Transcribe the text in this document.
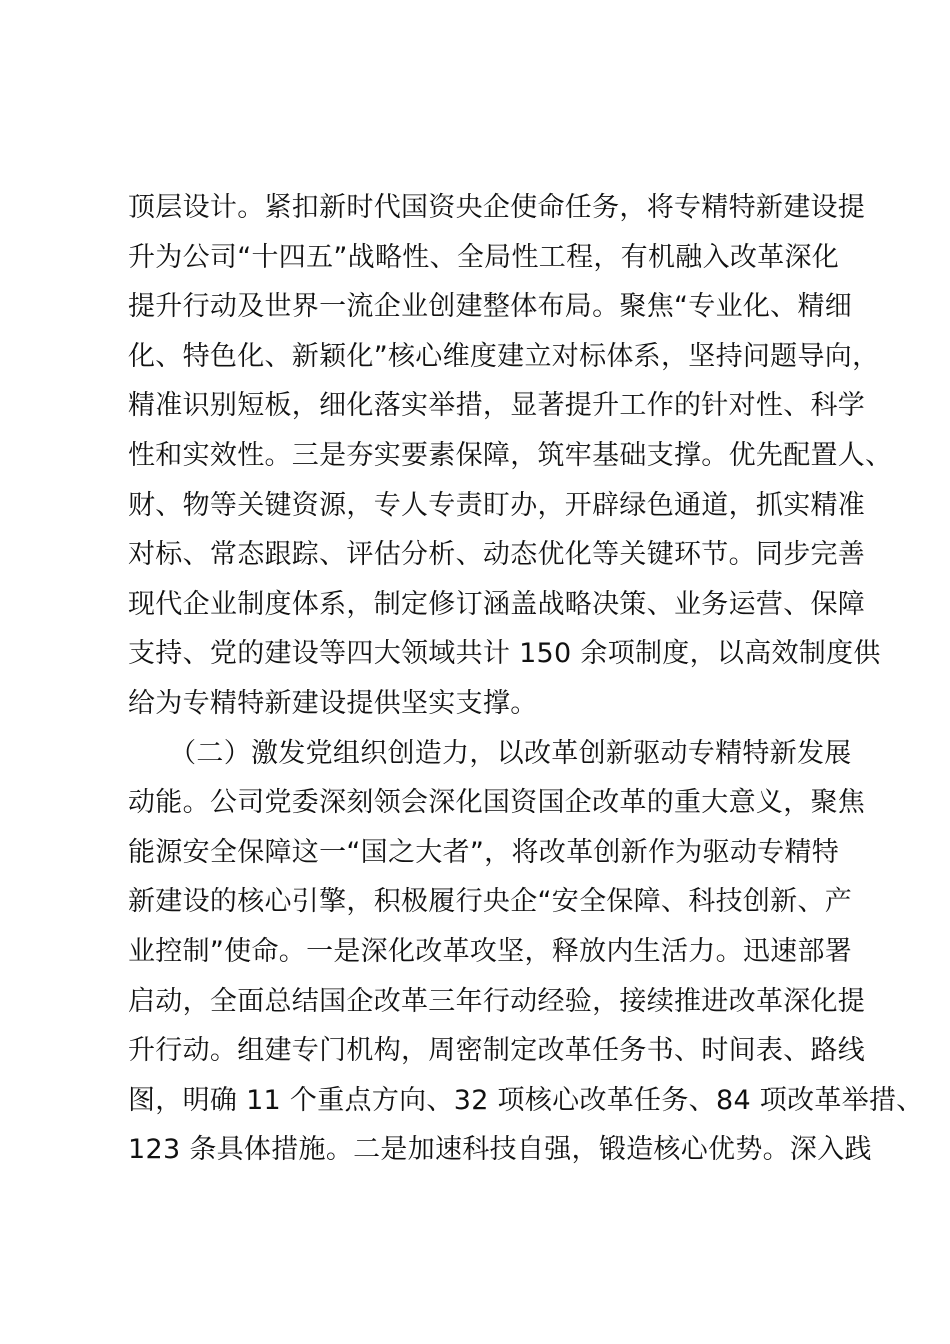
顶层设计。紧扣新时代国资央企使命任务，将专精特新建设提
升为公司“十四五”战略性、全局性工程，有机融入改革深化
提升行动及世界一流企业创建整体布局。聚焦“专业化、精细
化、特色化、新颖化”核心维度建立对标体系，坚持问题导向，
精准识别短板，细化落实举措，显著提升工作的针对性、科学
性和实效性。三是夯实要素保障，筑牢基础支撑。优先配置人、
财、物等关键资源，专人专责盯办，开辟绿色通道，抓实精准
对标、常态跟踪、评估分析、动态优化等关键环节。同步完善
现代企业制度体系，制定修订涵盖战略决策、业务运营、保障
支持、党的建设等四大领域共计 150 余项制度，以高效制度供
给为专精特新建设提供坚实支撑。
　　（二）激发党组织创造力，以改革创新驱动专精特新发展
动能。公司党委深刻领会深化国资国企改革的重大意义，聚焦
能源安全保障这一“国之大者”，将改革创新作为驱动专精特
新建设的核心引擎，积极履行央企“安全保障、科技创新、产
业控制”使命。一是深化改革攻坚，释放内生活力。迅速部署
启动，全面总结国企改革三年行动经验，接续推进改革深化提
升行动。组建专门机构，周密制定改革任务书、时间表、路线
图，明确 11 个重点方向、32 项核心改革任务、84 项改革举措、
123 条具体措施。二是加速科技自强，锻造核心优势。深入践
